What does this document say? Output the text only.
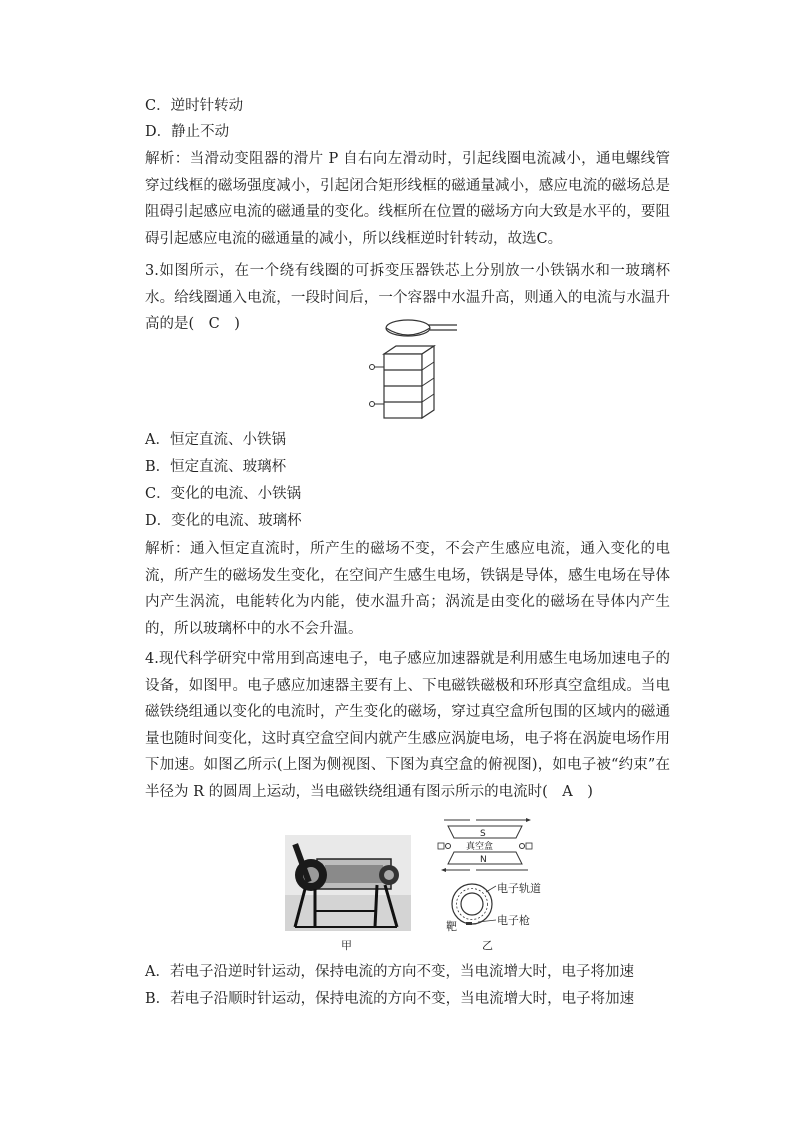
C．逆时针转动
D．静止不动
解析：当滑动变阻器的滑片 P 自右向左滑动时，引起线圈电流减小，通电螺线管穿过线框的磁场强度减小，引起闭合矩形线框的磁通量减小，感应电流的磁场总是阻碍引起感应电流的磁通量的变化。线框所在位置的磁场方向大致是水平的，要阻碍引起感应电流的磁通量的减小，所以线框逆时针转动，故选C。
3.如图所示，在一个绕有线圈的可拆变压器铁芯上分别放一小铁锅水和一玻璃杯水。给线圈通入电流，一段时间后，一个容器中水温升高，则通入的电流与水温升高的是(　C　)
A．恒定直流、小铁锅
B．恒定直流、玻璃杯
C．变化的电流、小铁锅
D．变化的电流、玻璃杯
解析：通入恒定直流时，所产生的磁场不变，不会产生感应电流，通入变化的电流，所产生的磁场发生变化，在空间产生感生电场，铁锅是导体，感生电场在导体内产生涡流，电能转化为内能，使水温升高；涡流是由变化的磁场在导体内产生的，所以玻璃杯中的水不会升温。
4.现代科学研究中常用到高速电子，电子感应加速器就是利用感生电场加速电子的设备，如图甲。电子感应加速器主要有上、下电磁铁磁极和环形真空盒组成。当电磁铁绕组通以变化的电流时，产生变化的磁场，穿过真空盒所包围的区域内的磁通量也随时间变化，这时真空盒空间内就产生感应涡旋电场，电子将在涡旋电场作用下加速。如图乙所示(上图为侧视图、下图为真空盒的俯视图)，如电子被“约束”在半径为 R 的圆周上运动，当电磁铁绕组通有图示所示的电流时(　A　)
甲
S
真空盒
N
电子轨道
电子枪
靶
乙
A．若电子沿逆时针运动，保持电流的方向不变，当电流增大时，电子将加速
B．若电子沿顺时针运动，保持电流的方向不变，当电流增大时，电子将加速
